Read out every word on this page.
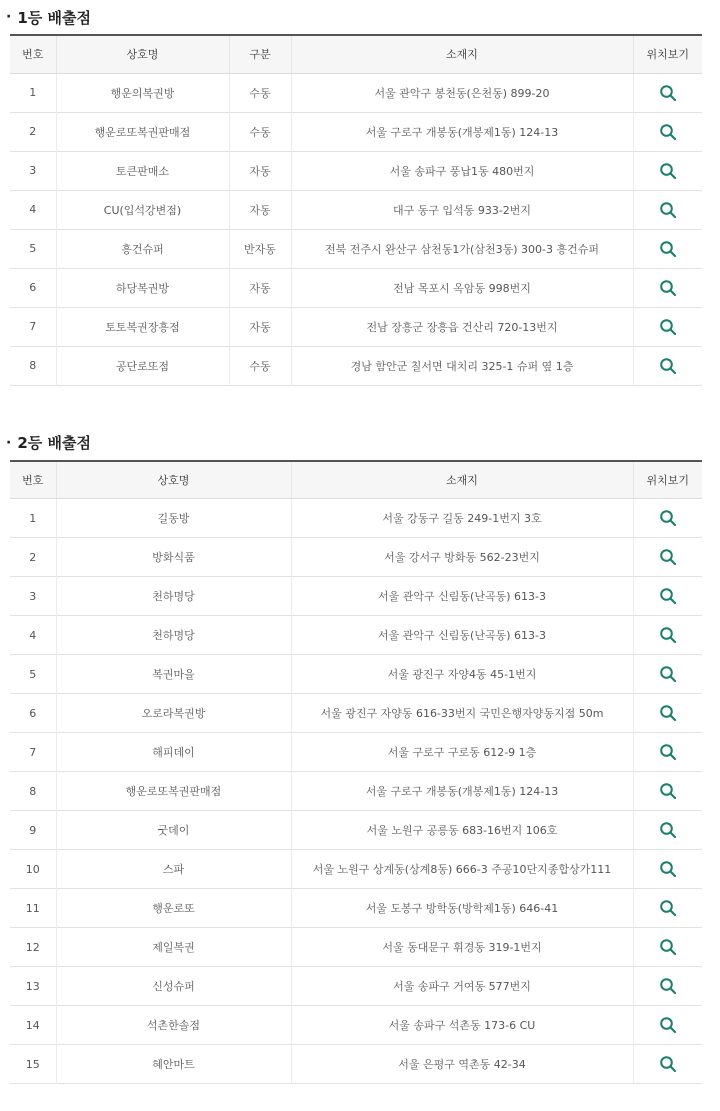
· 1등 배출점
번호	상호명	구분	소재지	위치보기
1	행운의복권방	수동	서울 관악구 봉천동(은천동) 899-20	
2	행운로또복권판매점	수동	서울 구로구 개봉동(개봉제1동) 124-13	
3	토큰판매소	자동	서울 송파구 풍납1동 480번지	
4	CU(입석강변점)	자동	대구 동구 입석동 933-2번지	
5	흥건슈퍼	반자동	전북 전주시 완산구 삼천동1가(삼천3동) 300-3 흥건슈퍼	
6	하당복권방	자동	전남 목포시 옥암동 998번지	
7	토토복권장흥점	자동	전남 장흥군 장흥읍 건산리 720-13번지	
8	공단로또점	수동	경남 함안군 칠서면 대치리 325-1 슈퍼 옆 1층	
· 2등 배출점
번호	상호명	소재지	위치보기
1	길동방	서울 강동구 길동 249-1번지 3호	
2	방화식품	서울 강서구 방화동 562-23번지	
3	천하명당	서울 관악구 신림동(난곡동) 613-3	
4	천하명당	서울 관악구 신림동(난곡동) 613-3	
5	복권마을	서울 광진구 자양4동 45-1번지	
6	오로라복권방	서울 광진구 자양동 616-33번지 국민은행자양동지점 50m	
7	해피데이	서울 구로구 구로동 612-9 1층	
8	행운로또복권판매점	서울 구로구 개봉동(개봉제1동) 124-13	
9	굿데이	서울 노원구 공릉동 683-16번지 106호	
10	스파	서울 노원구 상계동(상계8동) 666-3 주공10단지종합상가111	
11	행운로또	서울 도봉구 방학동(방학제1동) 646-41	
12	제일복권	서울 동대문구 휘경동 319-1번지	
13	신성슈퍼	서울 송파구 거여동 577번지	
14	석촌한솔점	서울 송파구 석촌동 173-6 CU	
15	혜안마트	서울 은평구 역촌동 42-34	
